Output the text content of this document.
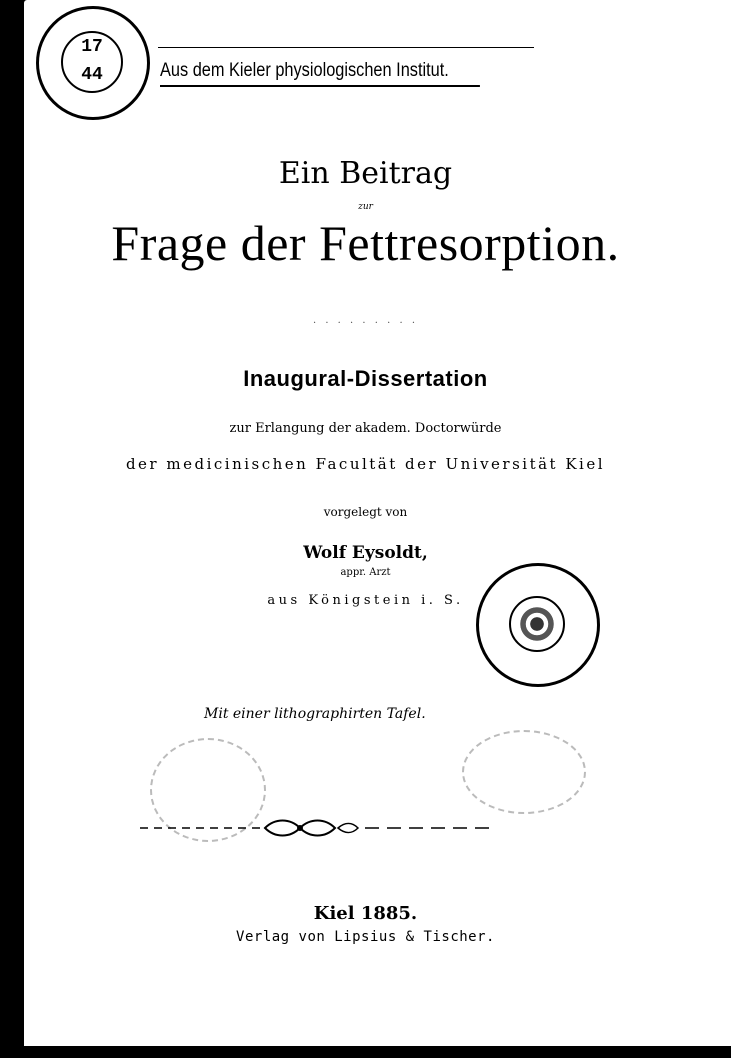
17
44	Aus dem Kieler physiologischen Institut.
Ein Beitrag
zur
Frage der Fettresorption.
· · · · · · · · ·
Inaugural-Dissertation
zur Erlangung der akadem. Doctorwürde
der medicinischen Facultät der Universität Kiel
vorgelegt von
Wolf Eysoldt,
appr. Arzt
aus Königstein i. S.
Mit einer lithographirten Tafel.
Kiel 1885.
Verlag von Lipsius & Tischer.
